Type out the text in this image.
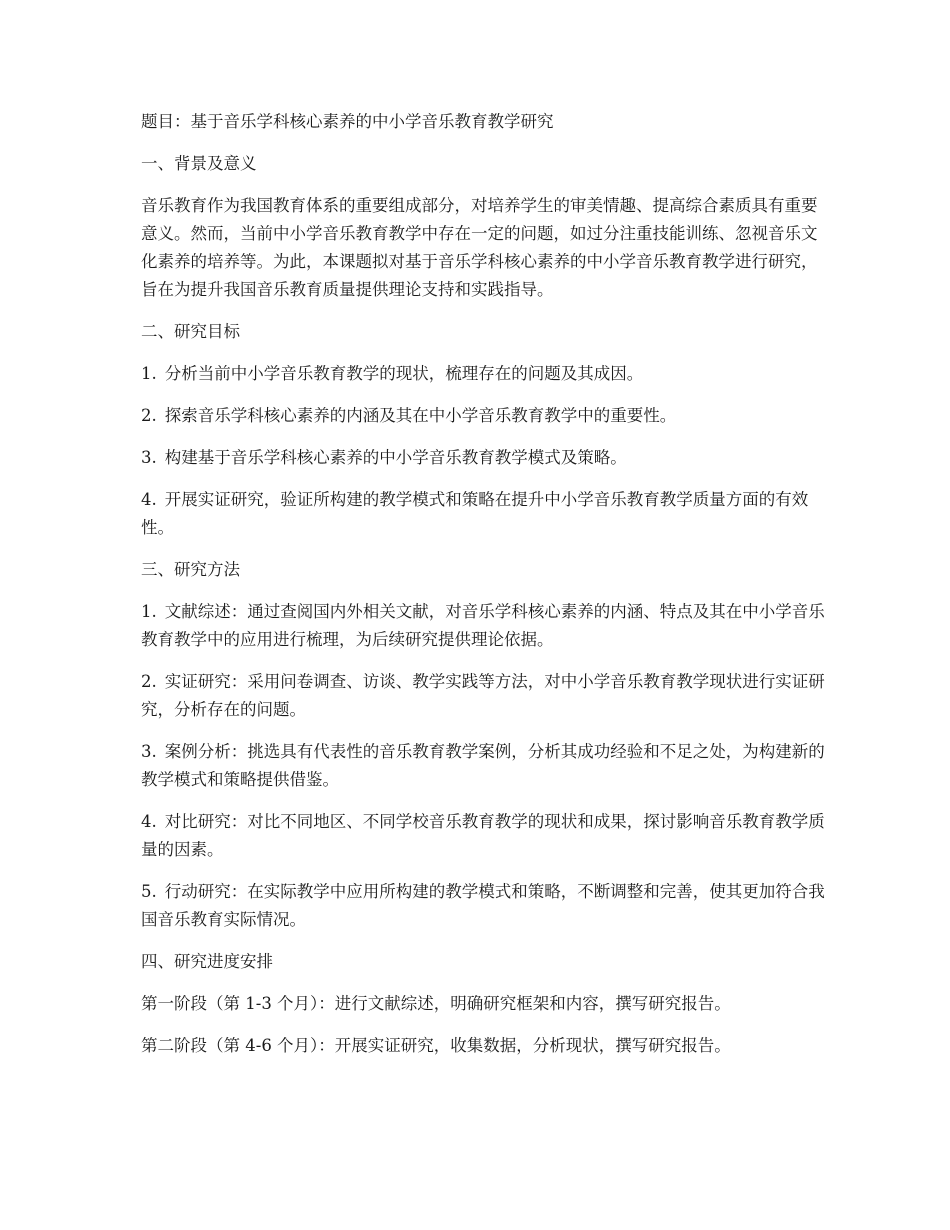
题目：基于音乐学科核心素养的中小学音乐教育教学研究

一、背景及意义

音乐教育作为我国教育体系的重要组成部分，对培养学生的审美情趣、提高综合素质具有重要意义。然而，当前中小学音乐教育教学中存在一定的问题，如过分注重技能训练、忽视音乐文化素养的培养等。为此，本课题拟对基于音乐学科核心素养的中小学音乐教育教学进行研究，旨在为提升我国音乐教育质量提供理论支持和实践指导。

二、研究目标

1. 分析当前中小学音乐教育教学的现状，梳理存在的问题及其成因。

2. 探索音乐学科核心素养的内涵及其在中小学音乐教育教学中的重要性。

3. 构建基于音乐学科核心素养的中小学音乐教育教学模式及策略。

4. 开展实证研究，验证所构建的教学模式和策略在提升中小学音乐教育教学质量方面的有效性。

三、研究方法

1. 文献综述：通过查阅国内外相关文献，对音乐学科核心素养的内涵、特点及其在中小学音乐教育教学中的应用进行梳理，为后续研究提供理论依据。

2. 实证研究：采用问卷调查、访谈、教学实践等方法，对中小学音乐教育教学现状进行实证研究，分析存在的问题。

3. 案例分析：挑选具有代表性的音乐教育教学案例，分析其成功经验和不足之处，为构建新的教学模式和策略提供借鉴。

4. 对比研究：对比不同地区、不同学校音乐教育教学的现状和成果，探讨影响音乐教育教学质量的因素。

5. 行动研究：在实际教学中应用所构建的教学模式和策略，不断调整和完善，使其更加符合我国音乐教育实际情况。

四、研究进度安排

第一阶段（第 1-3 个月）：进行文献综述，明确研究框架和内容，撰写研究报告。

第二阶段（第 4-6 个月）：开展实证研究，收集数据，分析现状，撰写研究报告。
